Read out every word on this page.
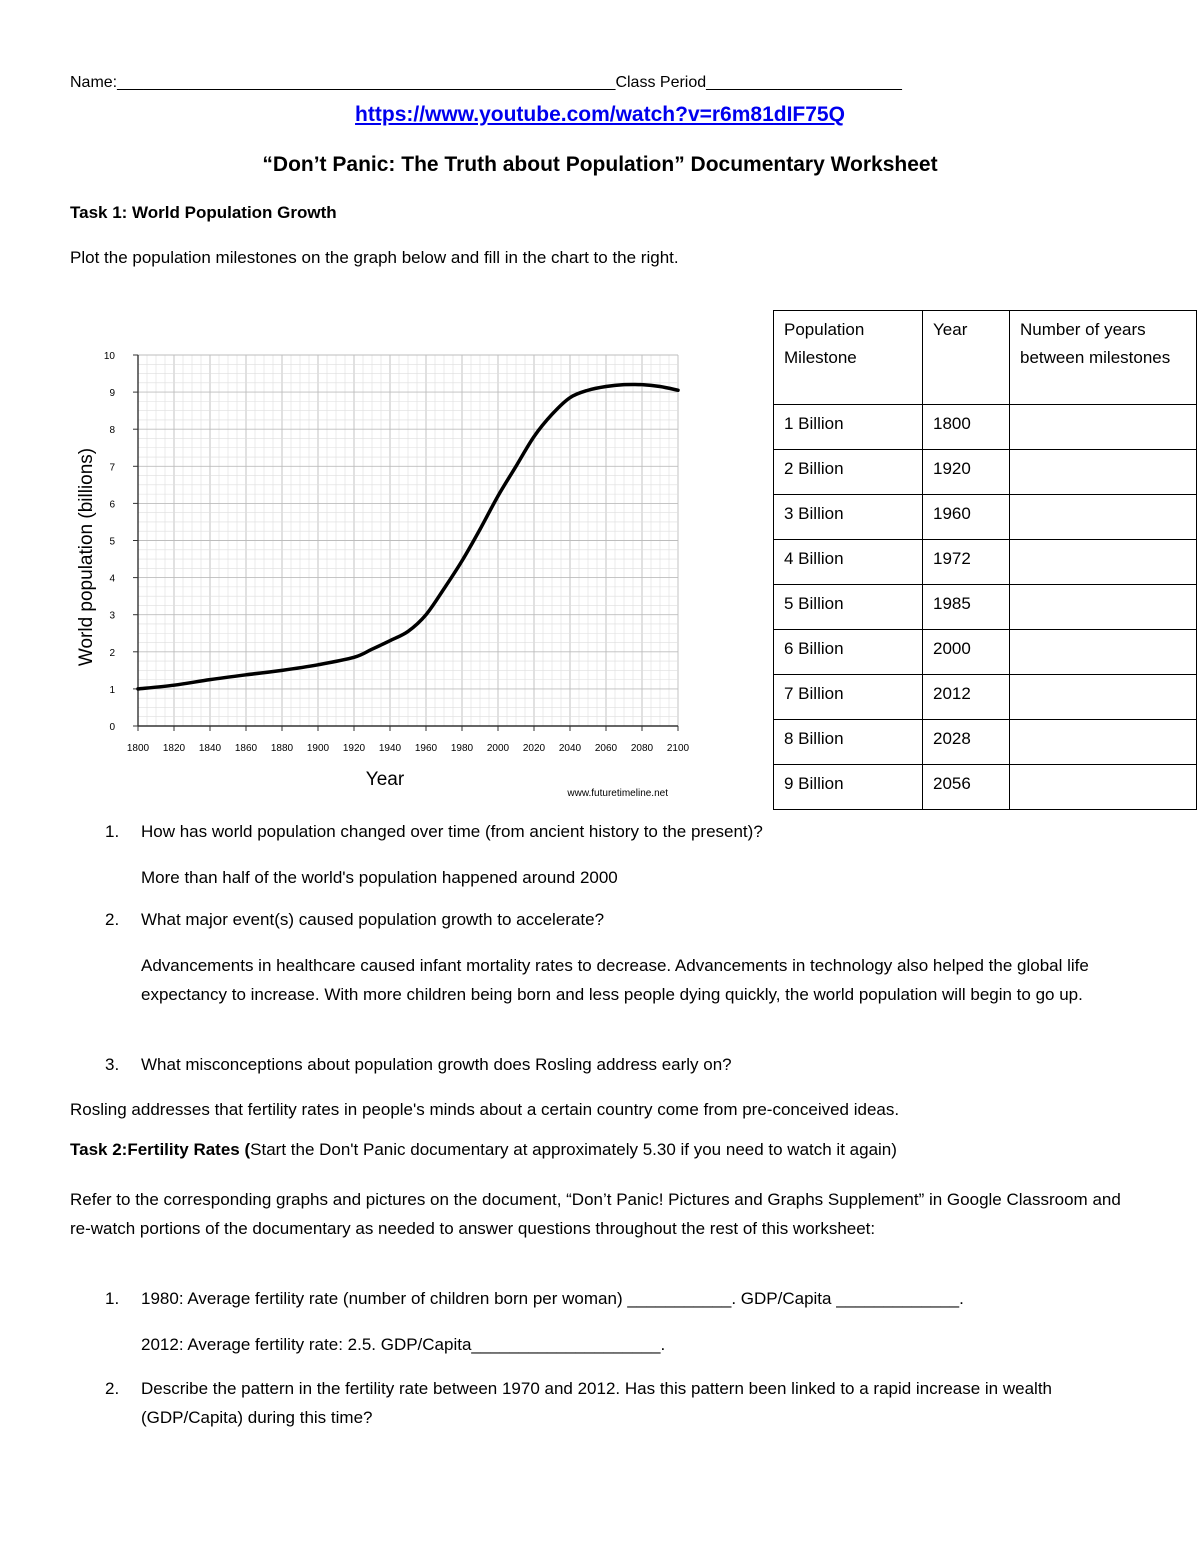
Name:________________________________________________________Class Period______________________
https://www.youtube.com/watch?v=r6m81dIF75Q
“Don’t Panic: The Truth about Population” Documentary Worksheet
Task 1: World Population Growth
Plot the population milestones on the graph below and fill in the chart to the right.
1800 1820 1840 1860 1880 1900 1920 1940 1960 1980 2000 2020 2040 2060 2080 2100
0
1
2
3
4
5
6
7
8
9
10
Year
World population (billions)
www.futuretimeline.net
Population Milestone	Year	Number of years between milestones
1 Billion	1800	
2 Billion	1920	
3 Billion	1960	
4 Billion	1972	
5 Billion	1985	
6 Billion	2000	
7 Billion	2012	
8 Billion	2028	
9 Billion	2056	
1. How has world population changed over time (from ancient history to the present)?
More than half of the world's population happened around 2000
2. What major event(s) caused population growth to accelerate?
Advancements in healthcare caused infant mortality rates to decrease. Advancements in technology also helped the global life expectancy to increase. With more children being born and less people dying quickly, the world population will begin to go up.
3. What misconceptions about population growth does Rosling address early on?
Rosling addresses that fertility rates in people's minds about a certain country come from pre-conceived ideas.
Task 2:Fertility Rates (Start the Don't Panic documentary at approximately 5.30 if you need to watch it again)
Refer to the corresponding graphs and pictures on the document, “Don’t Panic! Pictures and Graphs Supplement” in Google Classroom and re-watch portions of the documentary as needed to answer questions throughout the rest of this worksheet:
1. 1980: Average fertility rate (number of children born per woman) ___________. GDP/Capita _____________.
2012: Average fertility rate: 2.5. GDP/Capita____________________.
2.	Describe the pattern in the fertility rate between 1970 and 2012. Has this pattern been linked to a rapid increase in wealth (GDP/Capita) during this time?
